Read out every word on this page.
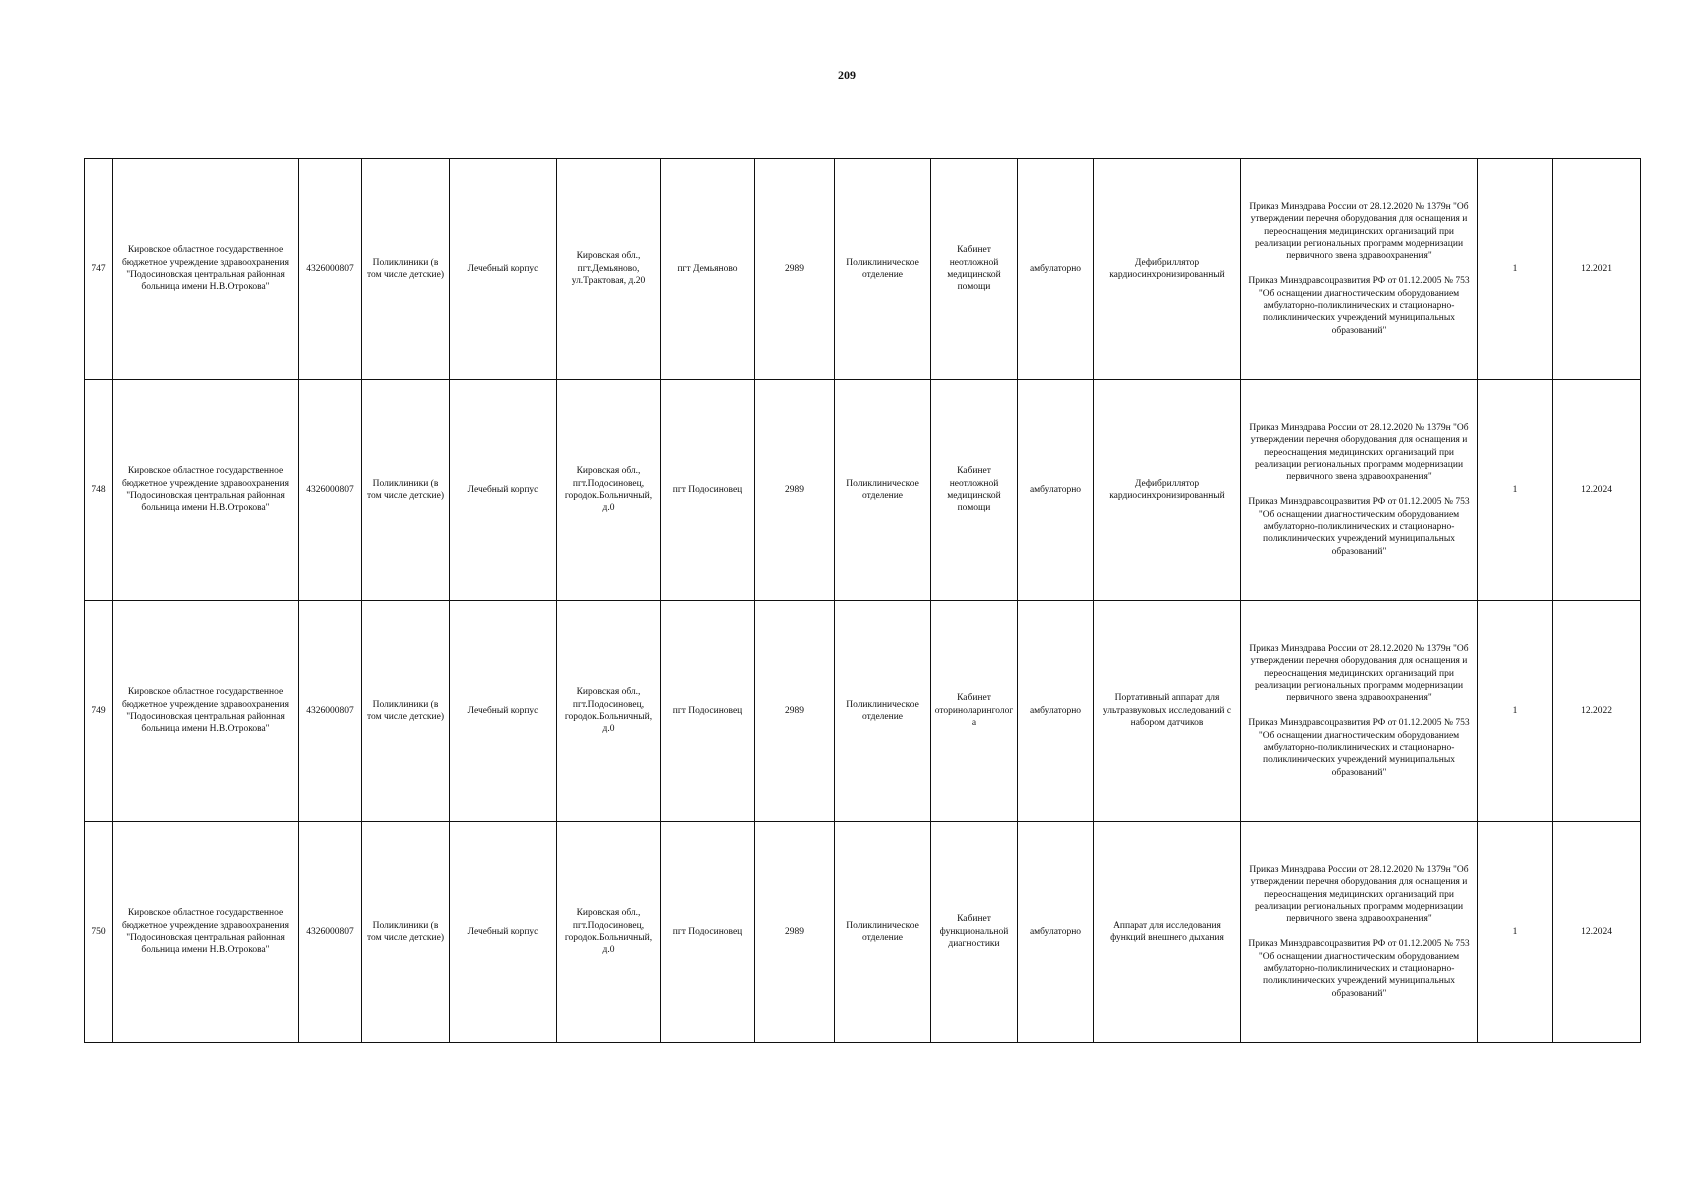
209
747	Кировское областное государственное бюджетное учреждение здравоохранения "Подосиновская центральная районная больница имени Н.В.Отрокова"	4326000807	Поликлиники (в том числе детские)	Лечебный корпус	Кировская обл., пгт.Демьяново, ул.Трактовая, д.20	пгт Демьяново	2989	Поликлиническое отделение	Кабинет неотложной медицинской помощи	амбулаторно	Дефибриллятор кардиосинхронизированный	Приказ Минздрава России от 28.12.2020 № 1379н "Об утверждении перечня оборудования для оснащения и переоснащения медицинских организаций при реализации региональных программ модернизации первичного звена здравоохранения"

Приказ Минздравсоцразвития РФ от 01.12.2005 № 753 "Об оснащении диагностическим оборудованием амбулаторно-поликлинических и стационарно-поликлинических учреждений муниципальных образований"	1	12.2021
748	Кировское областное государственное бюджетное учреждение здравоохранения "Подосиновская центральная районная больница имени Н.В.Отрокова"	4326000807	Поликлиники (в том числе детские)	Лечебный корпус	Кировская обл., пгт.Подосиновец, городок.Больничный, д.0	пгт Подосиновец	2989	Поликлиническое отделение	Кабинет неотложной медицинской помощи	амбулаторно	Дефибриллятор кардиосинхронизированный	Приказ Минздрава России от 28.12.2020 № 1379н "Об утверждении перечня оборудования для оснащения и переоснащения медицинских организаций при реализации региональных программ модернизации первичного звена здравоохранения"

Приказ Минздравсоцразвития РФ от 01.12.2005 № 753 "Об оснащении диагностическим оборудованием амбулаторно-поликлинических и стационарно-поликлинических учреждений муниципальных образований"	1	12.2024
749	Кировское областное государственное бюджетное учреждение здравоохранения "Подосиновская центральная районная больница имени Н.В.Отрокова"	4326000807	Поликлиники (в том числе детские)	Лечебный корпус	Кировская обл., пгт.Подосиновец, городок.Больничный, д.0	пгт Подосиновец	2989	Поликлиническое отделение	Кабинет оториноларинголога	амбулаторно	Портативный аппарат для ультразвуковых исследований с набором датчиков	Приказ Минздрава России от 28.12.2020 № 1379н "Об утверждении перечня оборудования для оснащения и переоснащения медицинских организаций при реализации региональных программ модернизации первичного звена здравоохранения"

Приказ Минздравсоцразвития РФ от 01.12.2005 № 753 "Об оснащении диагностическим оборудованием амбулаторно-поликлинических и стационарно-поликлинических учреждений муниципальных образований"	1	12.2022
750	Кировское областное государственное бюджетное учреждение здравоохранения "Подосиновская центральная районная больница имени Н.В.Отрокова"	4326000807	Поликлиники (в том числе детские)	Лечебный корпус	Кировская обл., пгт.Подосиновец, городок.Больничный, д.0	пгт Подосиновец	2989	Поликлиническое отделение	Кабинет функциональной диагностики	амбулаторно	Аппарат для исследования функций внешнего дыхания	Приказ Минздрава России от 28.12.2020 № 1379н "Об утверждении перечня оборудования для оснащения и переоснащения медицинских организаций при реализации региональных программ модернизации первичного звена здравоохранения"

Приказ Минздравсоцразвития РФ от 01.12.2005 № 753 "Об оснащении диагностическим оборудованием амбулаторно-поликлинических и стационарно-поликлинических учреждений муниципальных образований"	1	12.2024
